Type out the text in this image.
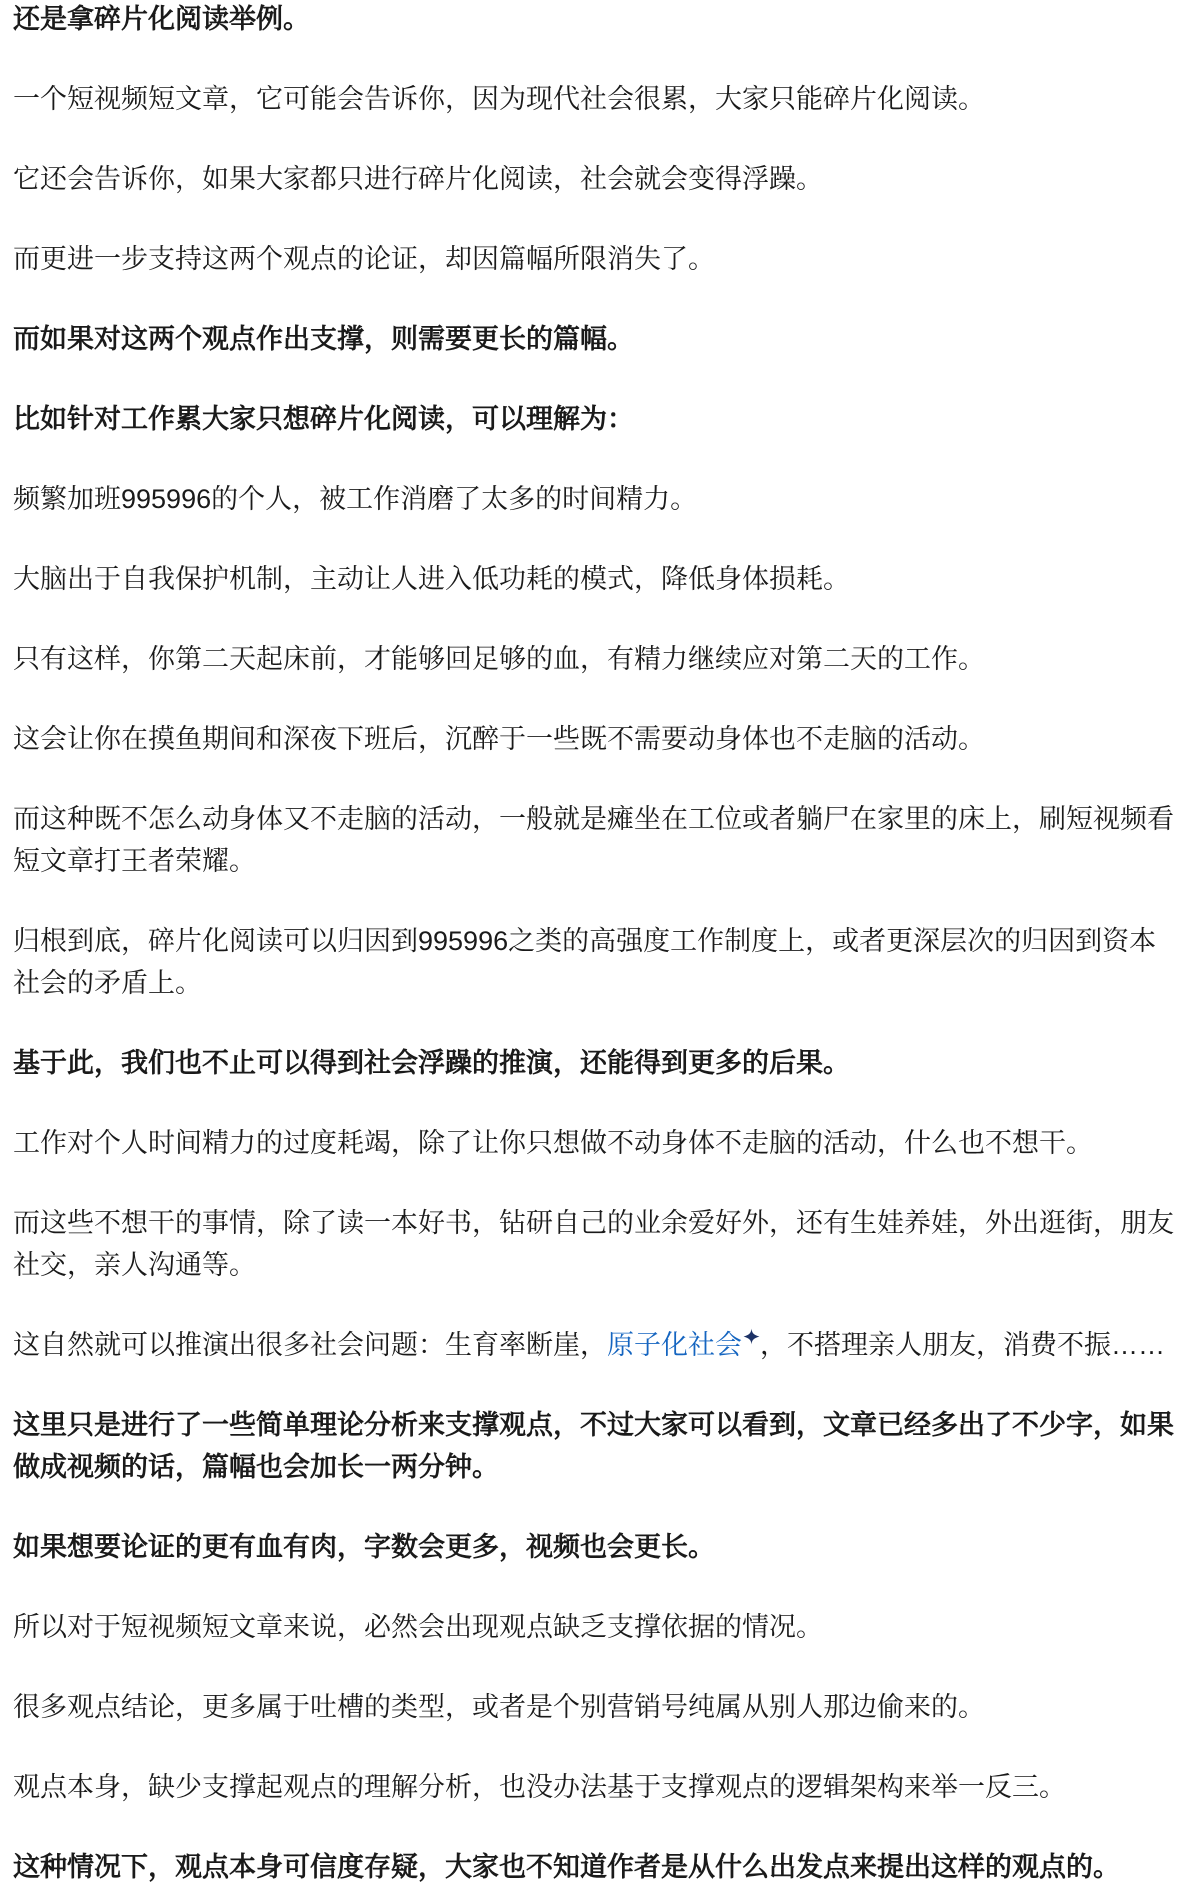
还是拿碎片化阅读举例。

一个短视频短文章，它可能会告诉你，因为现代社会很累，大家只能碎片化阅读。

它还会告诉你，如果大家都只进行碎片化阅读，社会就会变得浮躁。

而更进一步支持这两个观点的论证，却因篇幅所限消失了。

而如果对这两个观点作出支撑，则需要更长的篇幅。

比如针对工作累大家只想碎片化阅读，可以理解为：

频繁加班995996的个人，被工作消磨了太多的时间精力。

大脑出于自我保护机制，主动让人进入低功耗的模式，降低身体损耗。

只有这样，你第二天起床前，才能够回足够的血，有精力继续应对第二天的工作。

这会让你在摸鱼期间和深夜下班后，沉醉于一些既不需要动身体也不走脑的活动。

而这种既不怎么动身体又不走脑的活动，一般就是瘫坐在工位或者躺尸在家里的床上，刷短视频看短文章打王者荣耀。

归根到底，碎片化阅读可以归因到995996之类的高强度工作制度上，或者更深层次的归因到资本社会的矛盾上。

基于此，我们也不止可以得到社会浮躁的推演，还能得到更多的后果。

工作对个人时间精力的过度耗竭，除了让你只想做不动身体不走脑的活动，什么也不想干。

而这些不想干的事情，除了读一本好书，钻研自己的业余爱好外，还有生娃养娃，外出逛街，朋友社交，亲人沟通等。

这自然就可以推演出很多社会问题：生育率断崖，原子化社会 ，不搭理亲人朋友，消费不振……

这里只是进行了一些简单理论分析来支撑观点，不过大家可以看到，文章已经多出了不少字，如果做成视频的话，篇幅也会加长一两分钟。

如果想要论证的更有血有肉，字数会更多，视频也会更长。

所以对于短视频短文章来说，必然会出现观点缺乏支撑依据的情况。

很多观点结论，更多属于吐槽的类型，或者是个别营销号纯属从别人那边偷来的。

观点本身，缺少支撑起观点的理解分析，也没办法基于支撑观点的逻辑架构来举一反三。

这种情况下，观点本身可信度存疑，大家也不知道作者是从什么出发点来提出这样的观点的。
